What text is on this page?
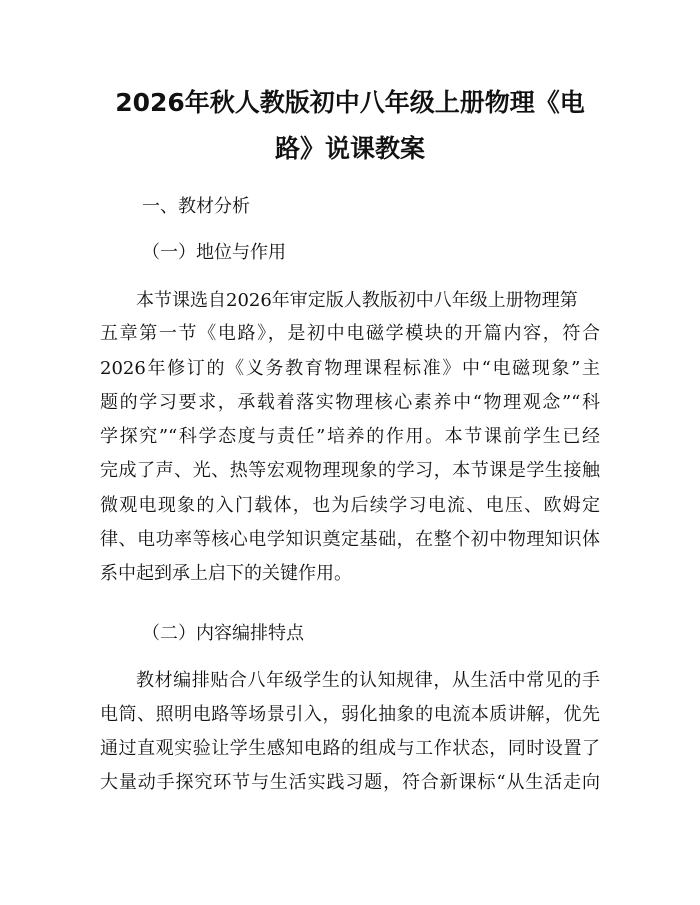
2026年秋人教版初中八年级上册物理《电
路》说课教案

一、教材分析

（一）地位与作用

本节课选自2026年审定版人教版初中八年级上册物理第

五章第一节《电路》，是初中电磁学模块的开篇内容，符合

2026年修订的《义务教育物理课程标准》中“电磁现象”主

题的学习要求，承载着落实物理核心素养中“物理观念”“科

学探究”“科学态度与责任”培养的作用。本节课前学生已经

完成了声、光、热等宏观物理现象的学习，本节课是学生接触

微观电现象的入门载体，也为后续学习电流、电压、欧姆定

律、电功率等核心电学知识奠定基础，在整个初中物理知识体

系中起到承上启下的关键作用。

（二）内容编排特点

教材编排贴合八年级学生的认知规律，从生活中常见的手

电筒、照明电路等场景引入，弱化抽象的电流本质讲解，优先

通过直观实验让学生感知电路的组成与工作状态，同时设置了

大量动手探究环节与生活实践习题，符合新课标“从生活走向
